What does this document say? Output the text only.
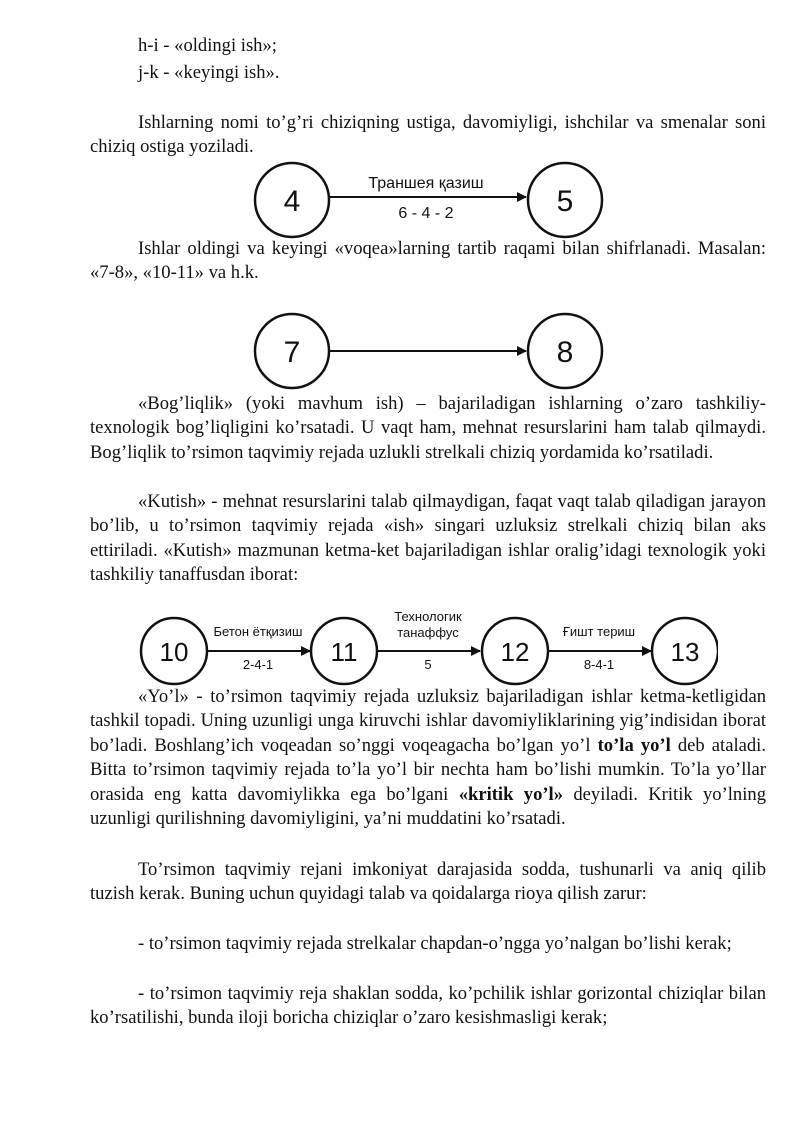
h-i - «oldingi ish»;

j-k - «keyingi ish».

Ishlarning nomi to’g’ri chiziqning ustiga, davomiyligi, ishchilar va smenalar soni chiziq ostiga yoziladi.

4
Траншея қазиш
6 - 4 - 2	5

Ishlar oldingi va keyingi «voqea»larning tartib raqami bilan shifrlanadi. Masalan: «7-8», «10-11» va h.k.

7	8

«Bog’liqlik» (yoki mavhum ish) – bajariladigan ishlarning o’zaro tashkiliy-texnologik bog’liqligini ko’rsatadi. U vaqt ham, mehnat resurslarini ham talab qilmaydi. Bog’liqlik to’rsimon taqvimiy rejada uzlukli strelkali chiziq yordamida ko’rsatiladi.

«Kutish» - mehnat resurslarini talab qilmaydigan, faqat vaqt talab qiladigan jarayon bo’lib, u to’rsimon taqvimiy rejada «ish» singari uzluksiz strelkali chiziq bilan aks ettiriladi. «Kutish» mazmunan ketma-ket bajariladigan ishlar oralig’idagi texnologik yoki tashkiliy tanaffusdan iborat:

10
Бетон ётқизиш
2-4-1 11
Технологик
танаффус
5	12
Ғишт териш
8-4-1 13

«Yo’l» - to’rsimon taqvimiy rejada uzluksiz bajariladigan ishlar ketma-ketligidan tashkil topadi. Uning uzunligi unga kiruvchi ishlar davomiyliklarining yig’indisidan iborat bo’ladi. Boshlang’ich voqeadan so’nggi voqeagacha bo’lgan yo’l to’la yo’l deb ataladi. Bitta to’rsimon taqvimiy rejada to’la yo’l bir nechta ham bo’lishi mumkin. To’la yo’llar orasida eng katta davomiylikka ega bo’lgani «kritik yo’l» deyiladi. Kritik yo’lning uzunligi qurilishning davomiyligini, ya’ni muddatini ko’rsatadi.

To’rsimon taqvimiy rejani imkoniyat darajasida sodda, tushunarli va aniq qilib tuzish kerak. Buning uchun quyidagi talab va qoidalarga rioya qilish zarur:

- to’rsimon taqvimiy rejada strelkalar chapdan-o’ngga yo’nalgan bo’lishi kerak;

- to’rsimon taqvimiy reja shaklan sodda, ko’pchilik ishlar gorizontal chiziqlar bilan ko’rsatilishi, bunda iloji boricha chiziqlar o’zaro kesishmasligi kerak;
